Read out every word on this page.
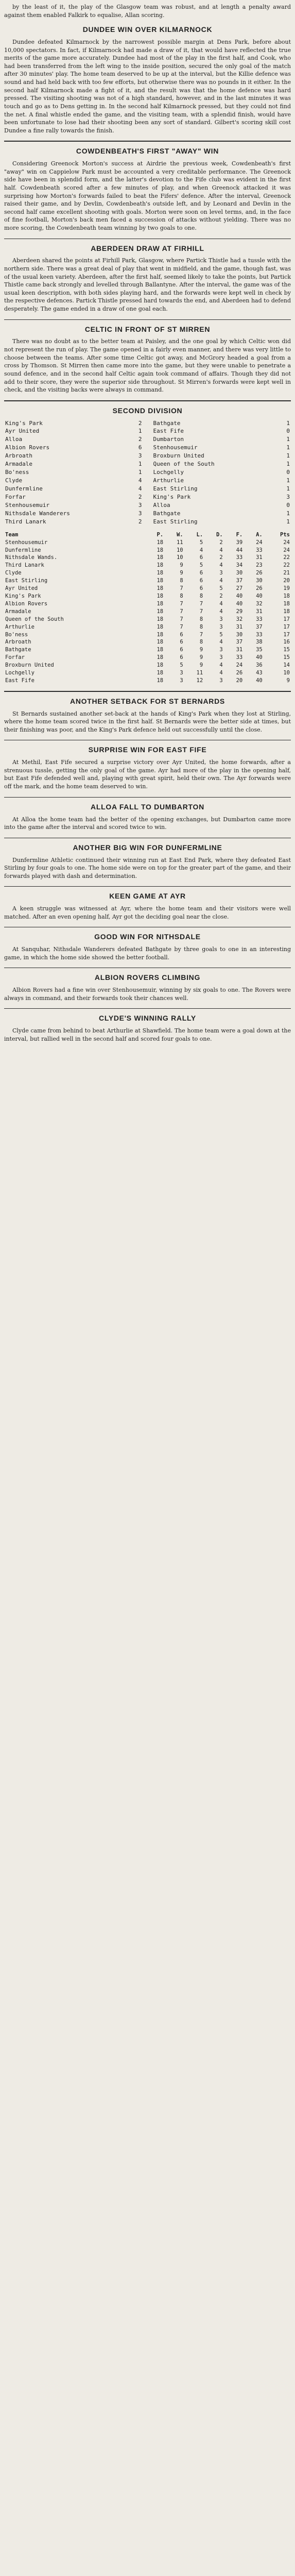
by the least of it, the play of the Glasgow team was robust, and at length a penalty award against them enabled Falkirk to equalise, Allan scoring.

DUNDEE WIN OVER KILMARNOCK

Dundee defeated Kilmarnock by the narrowest possible margin at Dens Park, before about 10,000 spectators. In fact, if Kilmarnock had made a draw of it, that would have reflected the true merits of the game more accurately. Dundee had most of the play in the first half, and Cook, who had been transferred from the left wing to the inside position, secured the only goal of the match after 30 minutes' play. The home team deserved to be up at the interval, but the Killie defence was sound and had held back with too few efforts, but otherwise there was no pounds in it either. In the second half Kilmarnock made a fight of it, and the result was that the home defence was hard pressed. The visiting shooting was not of a high standard, however, and in the last minutes it was touch and go as to Dens getting in. In the second half Kilmarnock pressed, but they could not find the net. A final whistle ended the game, and the visiting team, with a splendid finish, would have been unfortunate to lose had their shooting been any sort of standard. Gilbert's scoring skill cost Dundee a fine rally towards the finish.

COWDENBEATH'S FIRST "AWAY" WIN

Considering Greenock Morton's success at Airdrie the previous week, Cowdenbeath's first "away" win on Cappielow Park must be accounted a very creditable performance. The Greenock side have been in splendid form, and the latter's devotion to the Fife club was evident in the first half. Cowdenbeath scored after a few minutes of play, and when Greenock attacked it was surprising how Morton's forwards failed to beat the Fifers' defence. After the interval, Greenock raised their game, and by Devlin, Cowdenbeath's outside left, and by Leonard and Devlin in the second half came excellent shooting with goals. Morton were soon on level terms, and, in the face of fine football, Morton's back men faced a succession of attacks without yielding. There was no more scoring, the Cowdenbeath team winning by two goals to one.

ABERDEEN DRAW AT FIRHILL

Aberdeen shared the points at Firhill Park, Glasgow, where Partick Thistle had a tussle with the northern side. There was a great deal of play that went in midfield, and the game, though fast, was of the usual keen variety. Aberdeen, after the first half, seemed likely to take the points, but Partick Thistle came back strongly and levelled through Ballantyne. After the interval, the game was of the usual keen description, with both sides playing hard, and the forwards were kept well in check by the respective defences. Partick Thistle pressed hard towards the end, and Aberdeen had to defend desperately. The game ended in a draw of one goal each.

CELTIC IN FRONT OF ST MIRREN

There was no doubt as to the better team at Paisley, and the one goal by which Celtic won did not represent the run of play. The game opened in a fairly even manner, and there was very little to choose between the teams. After some time Celtic got away, and McGrory headed a goal from a cross by Thomson. St Mirren then came more into the game, but they were unable to penetrate a sound defence, and in the second half Celtic again took command of affairs. Though they did not add to their score, they were the superior side throughout. St Mirren's forwards were kept well in check, and the visiting backs were always in command.

SECOND DIVISION
King's Park	2		Bathgate	1
Ayr United	1		East Fife	0
Alloa	2		Dumbarton	1
Albion Rovers	6		Stenhousemuir	1
Arbroath	3		Broxburn United	1
Armadale	1		Queen of the South	1
Bo'ness	1		Lochgelly	0
Clyde	4		Arthurlie	1
Dunfermline	4		East Stirling	1
Forfar	2		King's Park	3
Stenhousemuir	3		Alloa	0
Nithsdale Wanderers	3		Bathgate	1
Third Lanark	2		East Stirling	1
Team	P.	W.	L.	D.	F.	A.	Pts
Stenhousemuir	18	11	5	2	39	24	24
Dunfermline	18	10	4	4	44	33	24
Nithsdale Wands.	18	10	6	2	33	31	22
Third Lanark	18	9	5	4	34	23	22
Clyde	18	9	6	3	30	26	21
East Stirling	18	8	6	4	37	30	20
Ayr United	18	7	6	5	27	26	19
King's Park	18	8	8	2	40	40	18
Albion Rovers	18	7	7	4	40	32	18
Armadale	18	7	7	4	29	31	18
Queen of the South	18	7	8	3	32	33	17
Arthurlie	18	7	8	3	31	37	17
Bo'ness	18	6	7	5	30	33	17
Arbroath	18	6	8	4	37	38	16
Bathgate	18	6	9	3	31	35	15
Forfar	18	6	9	3	33	40	15
Broxburn United	18	5	9	4	24	36	14
Lochgelly	18	3	11	4	26	43	10
East Fife	18	3	12	3	20	40	9
ANOTHER SETBACK FOR ST BERNARDS

St Bernards sustained another set-back at the hands of King's Park when they lost at Stirling, where the home team scored twice in the first half. St Bernards were the better side at times, but their finishing was poor, and the King's Park defence held out successfully until the close.

SURPRISE WIN FOR EAST FIFE

At Methil, East Fife secured a surprise victory over Ayr United, the home forwards, after a strenuous tussle, getting the only goal of the game. Ayr had more of the play in the opening half, but East Fife defended well and, playing with great spirit, held their own. The Ayr forwards were off the mark, and the home team deserved to win.

ALLOA FALL TO DUMBARTON

At Alloa the home team had the better of the opening exchanges, but Dumbarton came more into the game after the interval and scored twice to win.

ANOTHER BIG WIN FOR DUNFERMLINE

Dunfermline Athletic continued their winning run at East End Park, where they defeated East Stirling by four goals to one. The home side were on top for the greater part of the game, and their forwards played with dash and determination.

KEEN GAME AT AYR

A keen struggle was witnessed at Ayr, where the home team and their visitors were well matched. After an even opening half, Ayr got the deciding goal near the close.

GOOD WIN FOR NITHSDALE

At Sanquhar, Nithsdale Wanderers defeated Bathgate by three goals to one in an interesting game, in which the home side showed the better football.

ALBION ROVERS CLIMBING

Albion Rovers had a fine win over Stenhousemuir, winning by six goals to one. The Rovers were always in command, and their forwards took their chances well.

CLYDE'S WINNING RALLY

Clyde came from behind to beat Arthurlie at Shawfield. The home team were a goal down at the interval, but rallied well in the second half and scored four goals to one.
